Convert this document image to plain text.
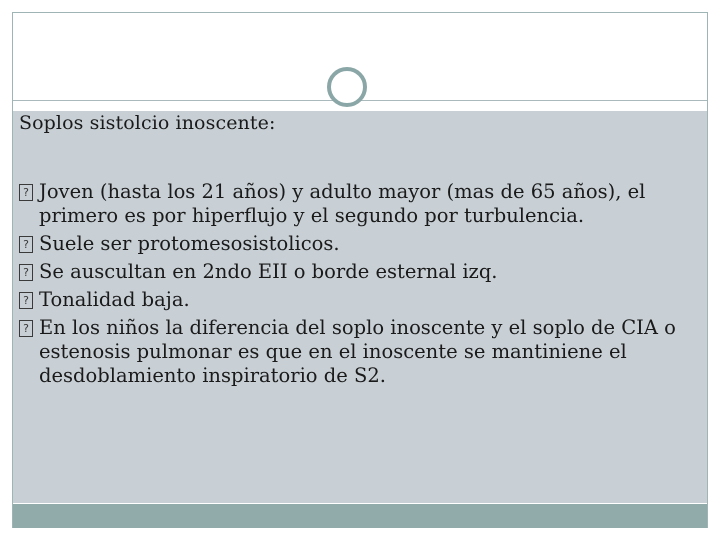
Soplos sistolcio inoscente:
? Joven (hasta los 21 años) y adulto mayor (mas de 65 años), el primero es por hiperflujo y el segundo por turbulencia.
? Suele ser protomesosistolicos.
? Se auscultan en 2ndo EII o borde esternal izq.
? Tonalidad baja.
? En los niños la diferencia del soplo inoscente y el soplo de CIA o estenosis pulmonar es que en el inoscente se mantiniene el desdoblamiento inspiratorio de S2.
